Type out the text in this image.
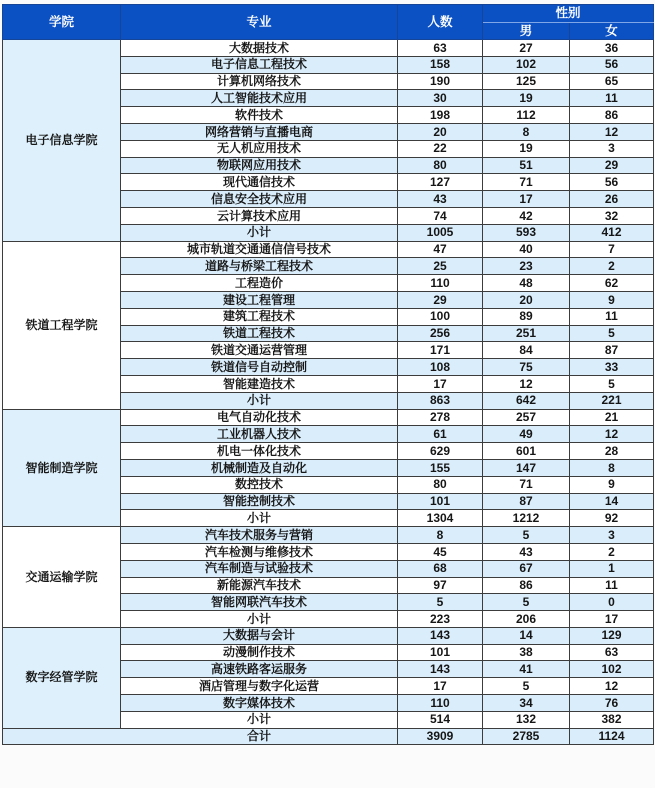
学院	专业	人数	性别	
			男	女
电子信息学院	大数据技术	63	27	36
	电子信息工程技术	158	102	56
	计算机网络技术	190	125	65
	人工智能技术应用	30	19	11
	软件技术	198	112	86
	网络营销与直播电商	20	8	12
	无人机应用技术	22	19	3
	物联网应用技术	80	51	29
	现代通信技术	127	71	56
	信息安全技术应用	43	17	26
	云计算技术应用	74	42	32
	小计	1005	593	412
铁道工程学院	城市轨道交通通信信号技术	47	40	7
	道路与桥梁工程技术	25	23	2
	工程造价	110	48	62
	建设工程管理	29	20	9
	建筑工程技术	100	89	11
	铁道工程技术	256	251	5
	铁道交通运营管理	171	84	87
	铁道信号自动控制	108	75	33
	智能建造技术	17	12	5
	小计	863	642	221
智能制造学院	电气自动化技术	278	257	21
	工业机器人技术	61	49	12
	机电一体化技术	629	601	28
	机械制造及自动化	155	147	8
	数控技术	80	71	9
	智能控制技术	101	87	14
	小计	1304	1212	92
交通运输学院	汽车技术服务与营销	8	5	3
	汽车检测与维修技术	45	43	2
	汽车制造与试验技术	68	67	1
	新能源汽车技术	97	86	11
	智能网联汽车技术	5	5	0
	小计	223	206	17
数字经管学院	大数据与会计	143	14	129
	动漫制作技术	101	38	63
	高速铁路客运服务	143	41	102
	酒店管理与数字化运营	17	5	12
	数字媒体技术	110	34	76
	小计	514	132	382
合计		3909	2785	1124
